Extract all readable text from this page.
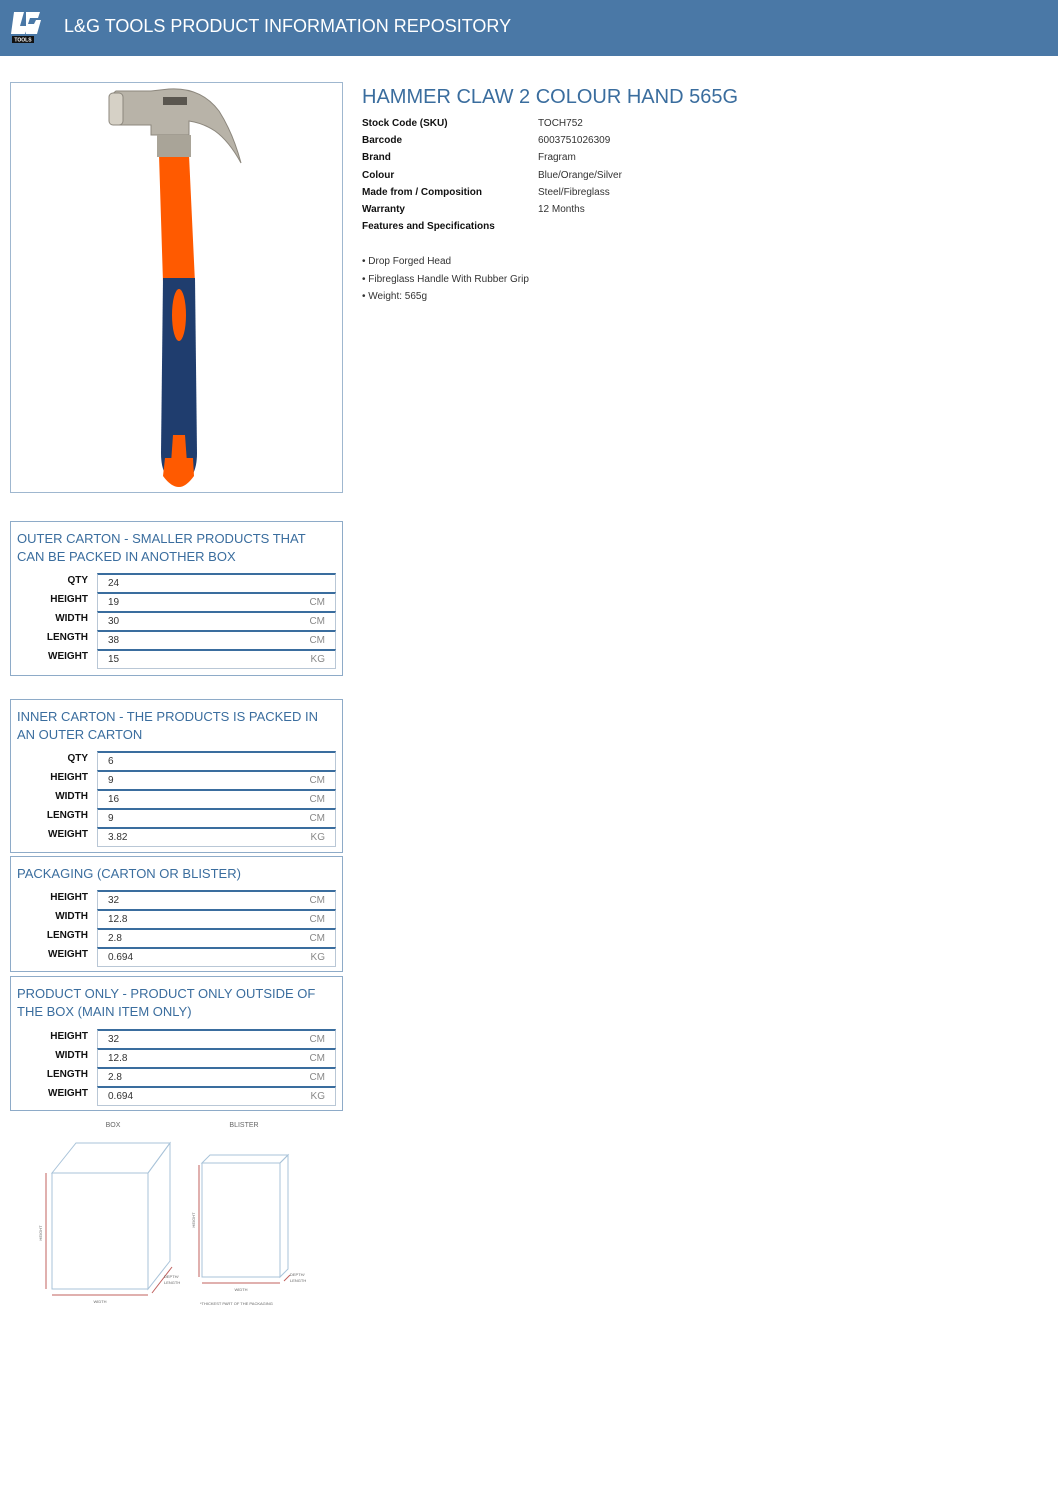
TOOLS
L&G TOOLS PRODUCT INFORMATION REPOSITORY
HAMMER CLAW 2 COLOUR HAND 565G
Stock Code (SKU)	TOCH752
Barcode	6003751026309
Brand	Fragram
Colour	Blue/Orange/Silver
Made from / Composition	Steel/Fibreglass
Warranty	12 Months
Features and Specifications
• Drop Forged Head
• Fibreglass Handle With Rubber Grip
• Weight: 565g
OUTER CARTON - SMALLER PRODUCTS THAT CAN BE PACKED IN ANOTHER BOX
QTY 24
HEIGHT 19	CM
WIDTH 30	CM
LENGTH 38	CM
WEIGHT 15	KG
INNER CARTON - THE PRODUCTS IS PACKED IN AN OUTER CARTON
QTY 6
HEIGHT 9	CM
WIDTH 16	CM
LENGTH 9	CM
WEIGHT 3.82	KG
PACKAGING (CARTON OR BLISTER)
HEIGHT 32	CM
WIDTH 12.8	CM
LENGTH 2.8	CM
WEIGHT 0.694	KG
PRODUCT ONLY - PRODUCT ONLY OUTSIDE OF THE BOX (MAIN ITEM ONLY)
HEIGHT 32	CM
WIDTH 12.8	CM
LENGTH 2.8	CM
WEIGHT 0.694	KG
BOX	BLISTER
HEIGHT
WIDTH
DEPTH/
LENGTH
HEIGHT
WIDTH
DEPTH/
LENGTH
*THICKEST PART OF THE PACKAGING
